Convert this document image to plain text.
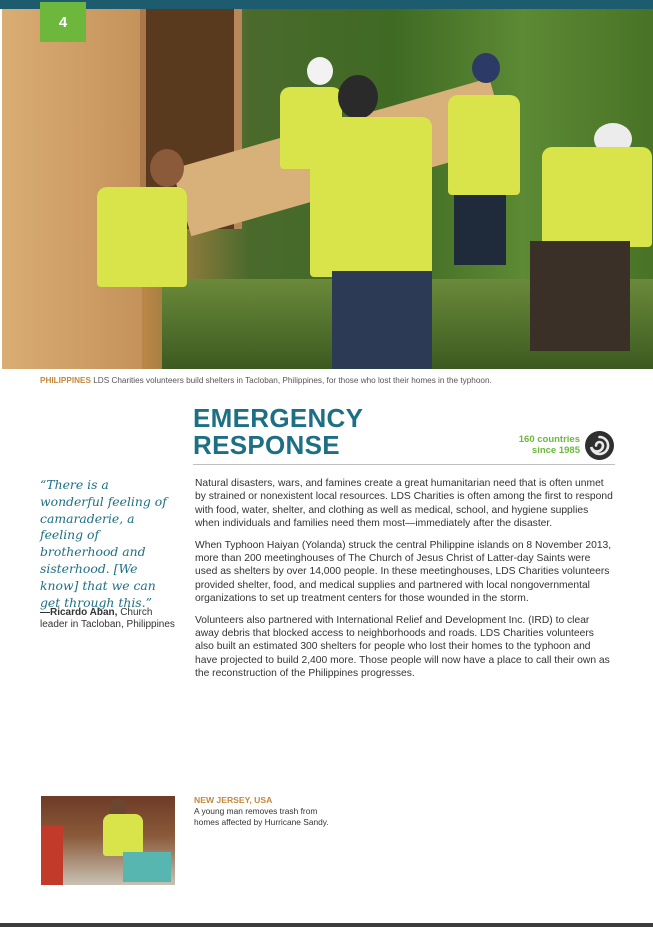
4
PHILIPPINES LDS Charities volunteers build shelters in Tacloban, Philippines, for those who lost their homes in the typhoon.
EMERGENCY
RESPONSE	160 countries
since 1985
“There is a wonderful feeling of camaraderie, a feeling of brotherhood and sisterhood. [We know] that we can get through this.”
—Ricardo Aban, Church leader in Tacloban, Philippines

Natural disasters, wars, and famines create a great humanitarian need that is often unmet by strained or nonexistent local resources. LDS Charities is often among the first to respond with food, water, shelter, and clothing as well as medical, school, and hygiene supplies when individuals and families need them most—immediately after the disaster.

When Typhoon Haiyan (Yolanda) struck the central Philippine islands on 8 November 2013, more than 200 meetinghouses of The Church of Jesus Christ of Latter-day Saints were used as shelters by over 14,000 people. In these meetinghouses, LDS Charities volunteers provided shelter, food, and medical supplies and partnered with local nongovernmental organizations to set up treatment centers for those wounded in the storm.

Volunteers also partnered with International Relief and Development Inc. (IRD) to clear away debris that blocked access to neighborhoods and roads. LDS Charities volunteers also built an estimated 300 shelters for people who lost their homes to the typhoon and have projected to build 2,400 more. Those people will now have a place to call their own as the reconstruction of the Philippines progresses.

NEW JERSEY, USA
A young man removes trash from homes affected by Hurricane Sandy.
